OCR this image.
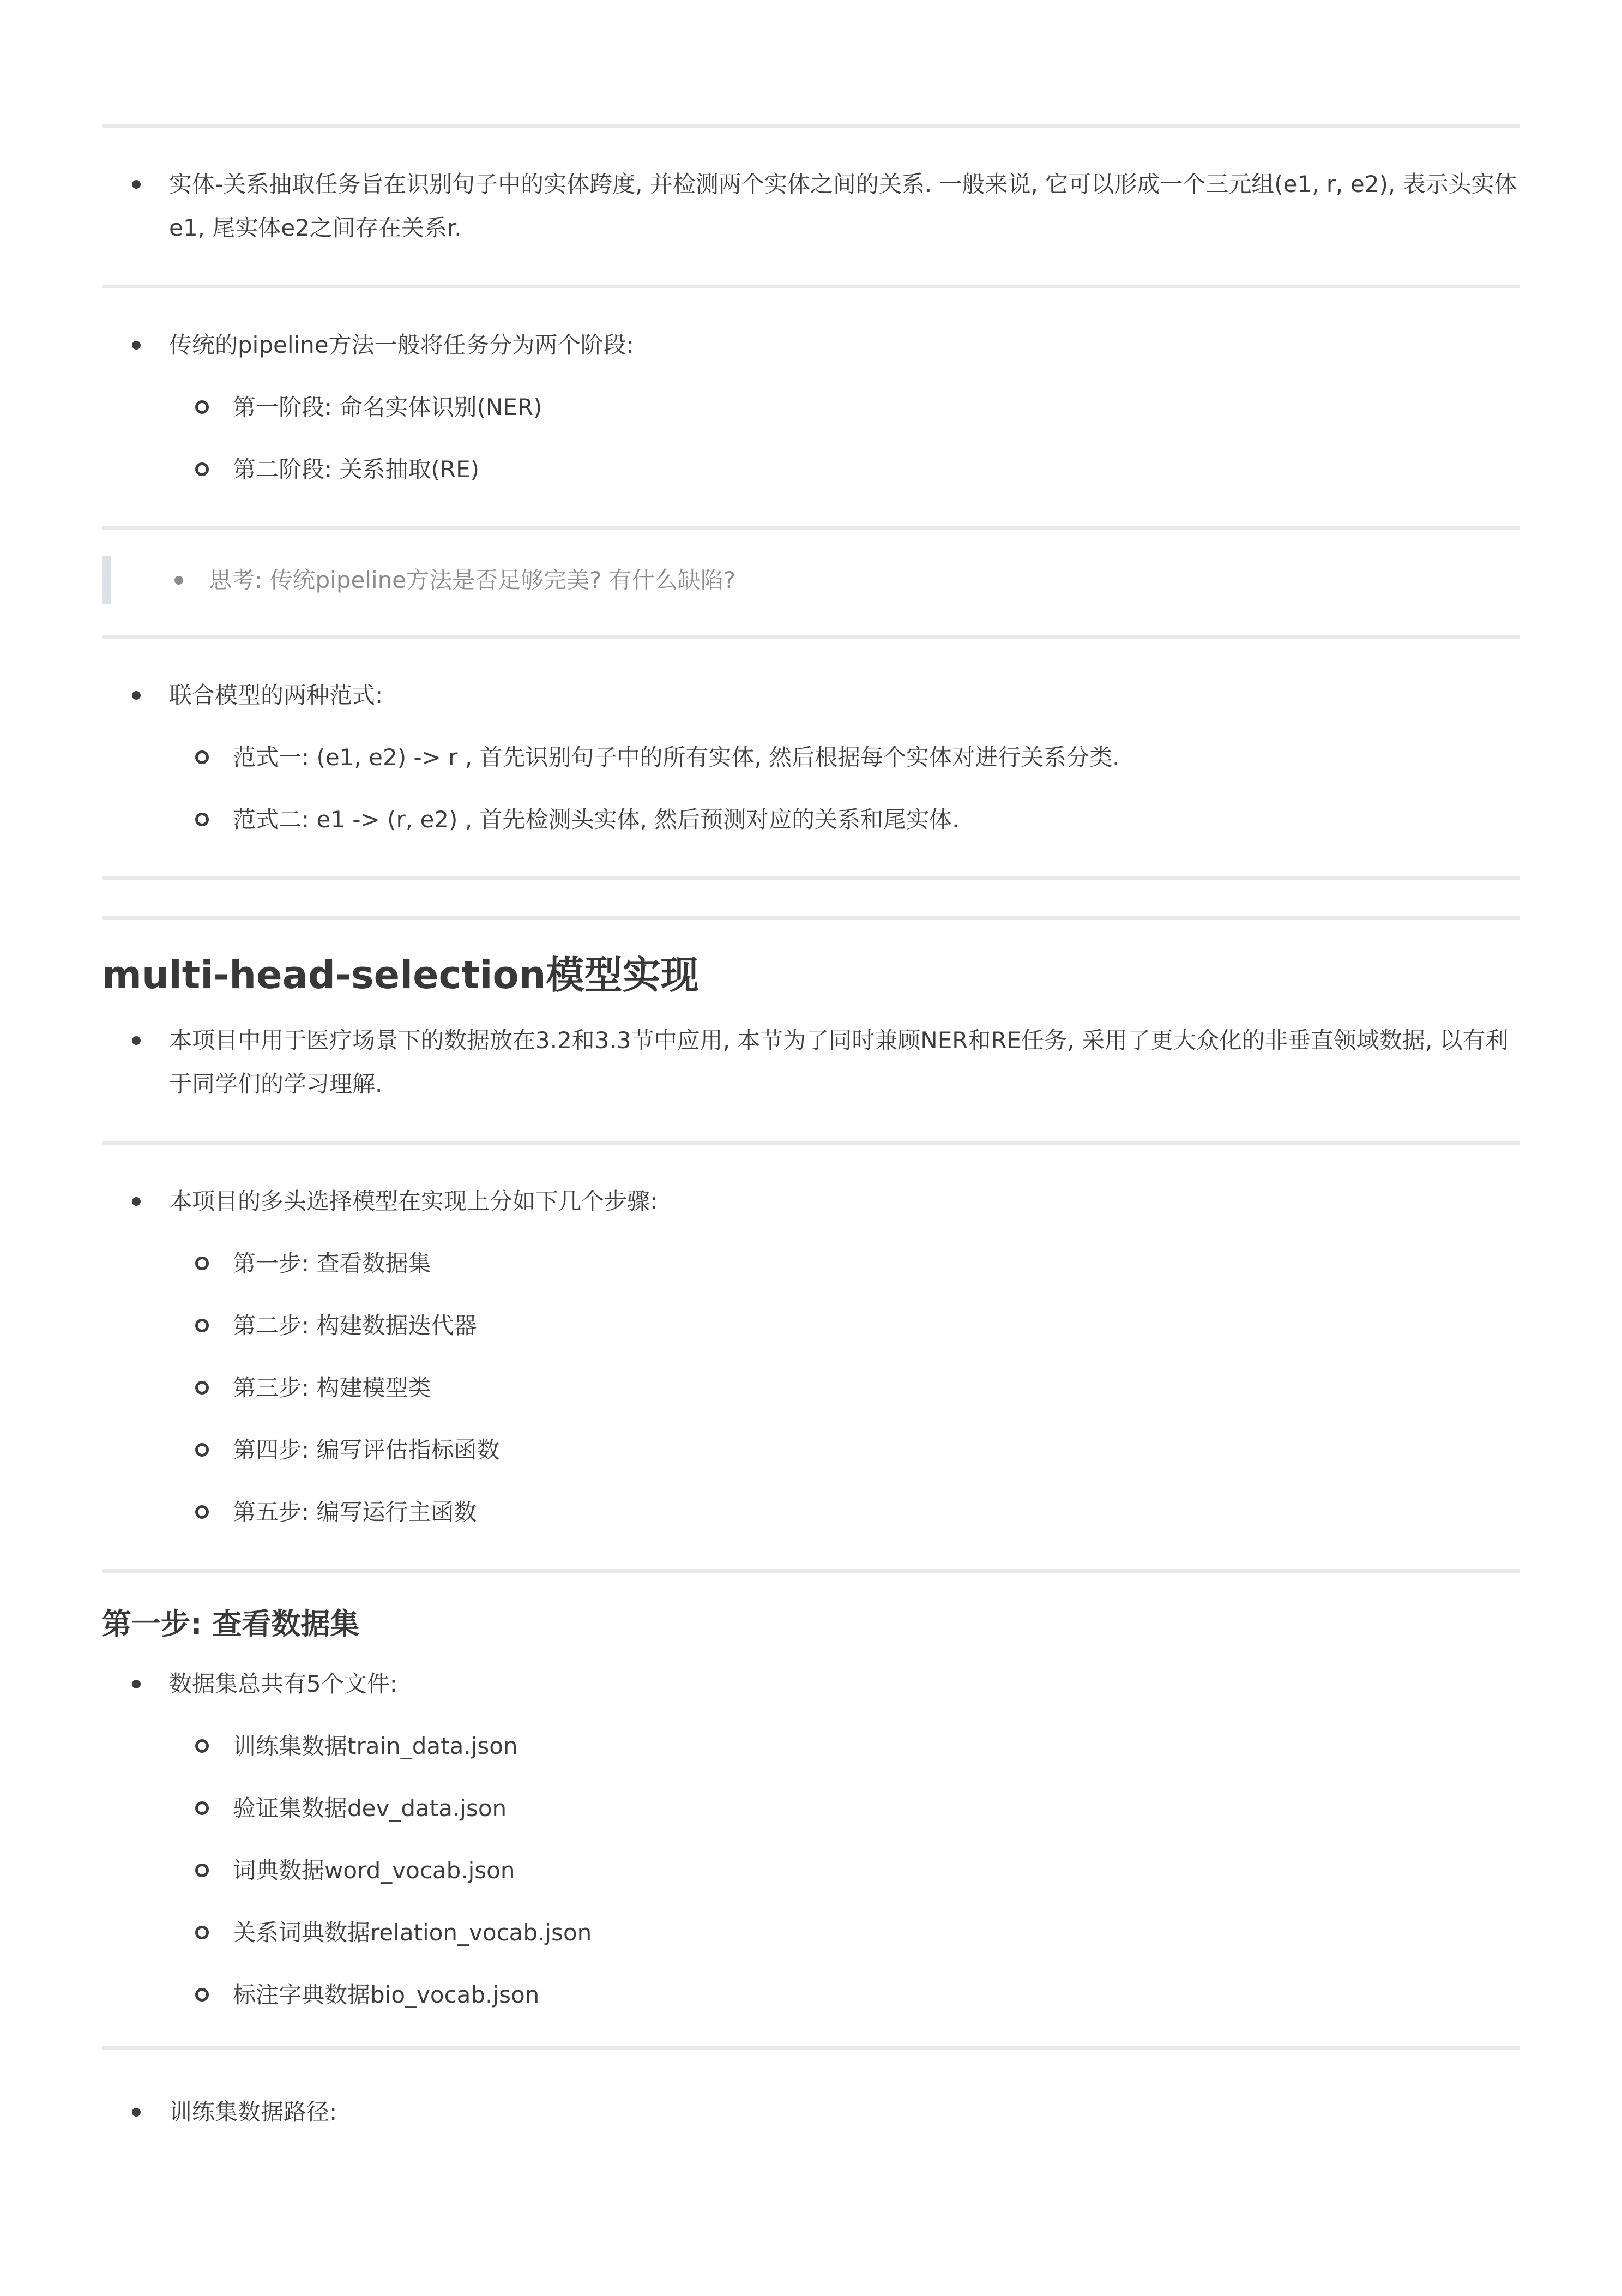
实体-关系抽取任务旨在识别句子中的实体跨度, 并检测两个实体之间的关系. 一般来说, 它可以形成一个三元组(e1, r, e2), 表示头实体e1, 尾实体e2之间存在关系r.
传统的pipeline方法一般将任务分为两个阶段:
第一阶段: 命名实体识别(NER)
第二阶段: 关系抽取(RE)
思考: 传统pipeline方法是否足够完美? 有什么缺陷?
联合模型的两种范式:
范式一: (e1, e2) -> r , 首先识别句子中的所有实体, 然后根据每个实体对进行关系分类.
范式二: e1 -> (r, e2) , 首先检测头实体, 然后预测对应的关系和尾实体.
multi-head-selection模型实现
本项目中用于医疗场景下的数据放在3.2和3.3节中应用, 本节为了同时兼顾NER和RE任务, 采用了更大众化的非垂直领域数据, 以有利于同学们的学习理解.
本项目的多头选择模型在实现上分如下几个步骤:
第一步: 查看数据集
第二步: 构建数据迭代器
第三步: 构建模型类
第四步: 编写评估指标函数
第五步: 编写运行主函数
第一步: 查看数据集
数据集总共有5个文件:
训练集数据train_data.json
验证集数据dev_data.json
词典数据word_vocab.json
关系词典数据relation_vocab.json
标注字典数据bio_vocab.json
训练集数据路径:
